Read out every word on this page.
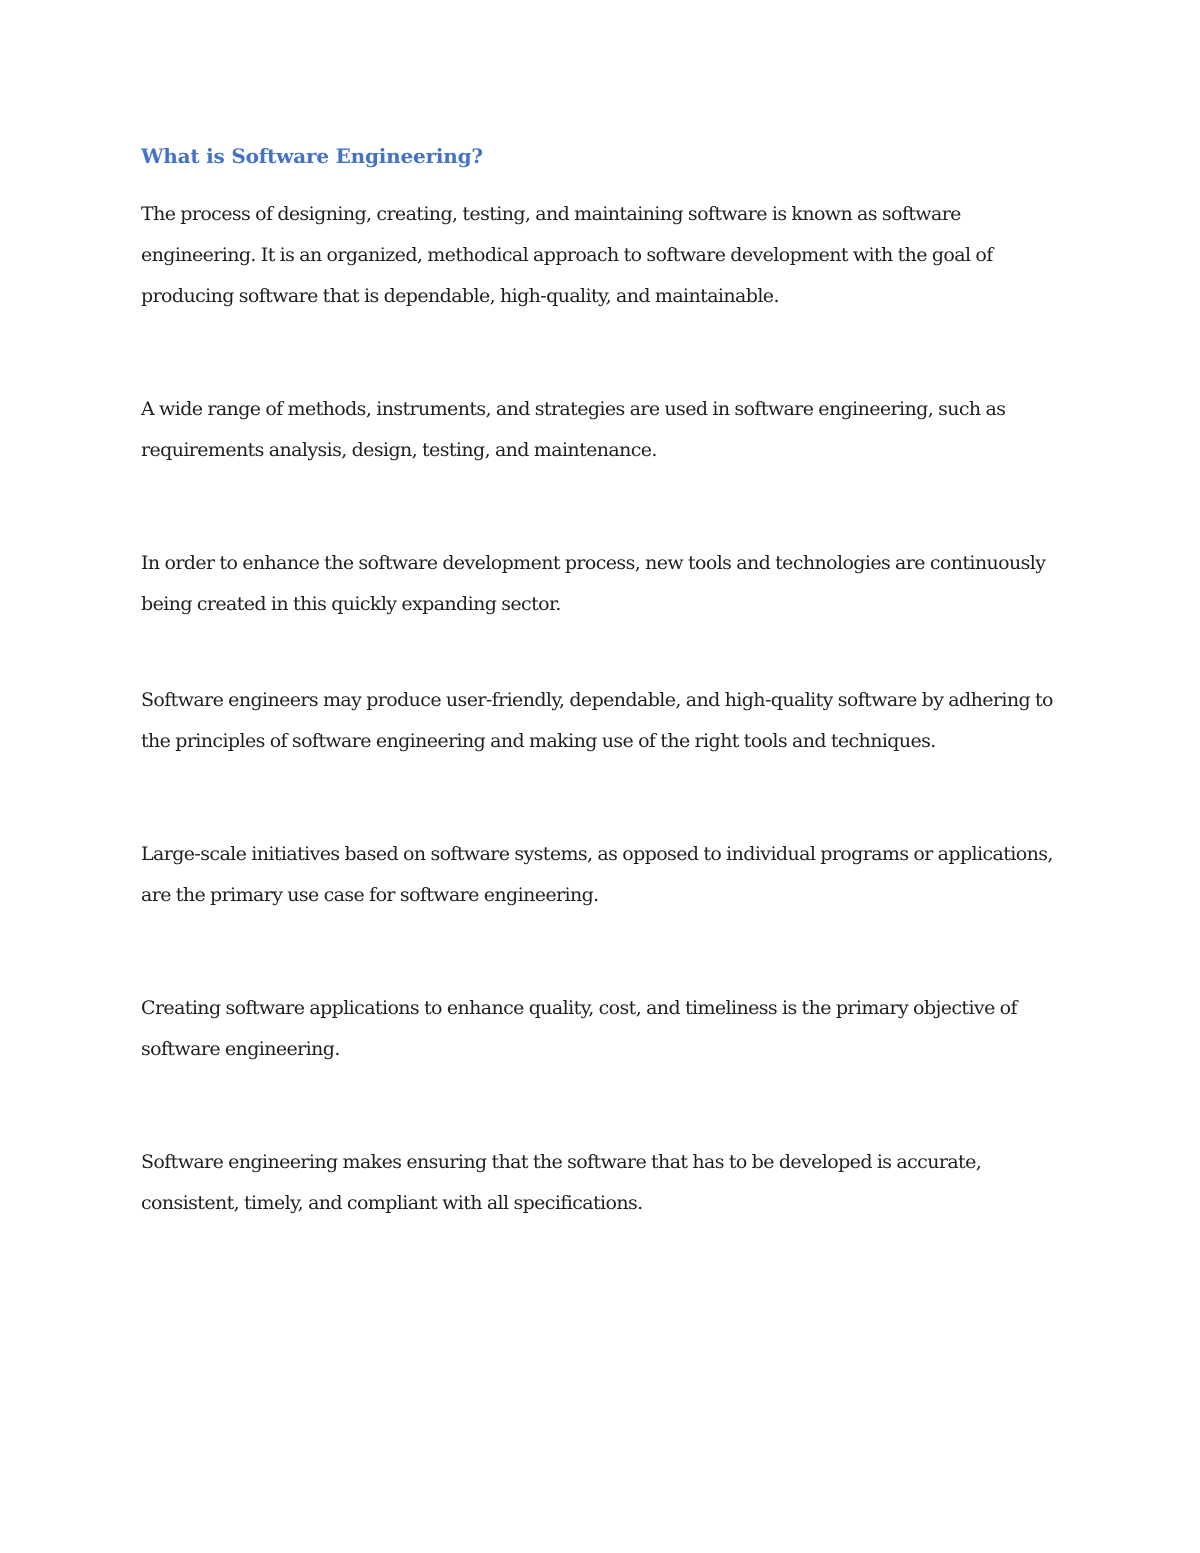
What is Software Engineering?

The process of designing, creating, testing, and maintaining software is known as software engineering. It is an organized, methodical approach to software development with the goal of producing software that is dependable, high-quality, and maintainable.

A wide range of methods, instruments, and strategies are used in software engineering, such as requirements analysis, design, testing, and maintenance.

In order to enhance the software development process, new tools and technologies are continuously being created in this quickly expanding sector.

Software engineers may produce user-friendly, dependable, and high-quality software by adhering to the principles of software engineering and making use of the right tools and techniques.

Large-scale initiatives based on software systems, as opposed to individual programs or applications, are the primary use case for software engineering.

Creating software applications to enhance quality, cost, and timeliness is the primary objective of software engineering.

Software engineering makes ensuring that the software that has to be developed is accurate, consistent, timely, and compliant with all specifications.
